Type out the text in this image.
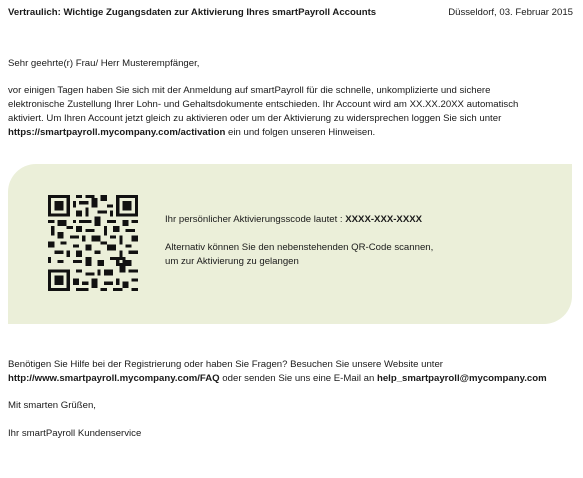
Vertraulich: Wichtige Zugangsdaten zur Aktivierung Ihres smartPayroll Accounts	Düsseldorf, 03. Februar 2015
Sehr geehrte(r) Frau/ Herr Musterempfänger,
vor einigen Tagen haben Sie sich mit der Anmeldung auf smartPayroll für die schnelle, unkomplizierte und sichere
elektronische Zustellung Ihrer Lohn- und Gehaltsdokumente entschieden. Ihr Account wird am XX.XX.20XX automatisch
aktiviert. Um Ihren Account jetzt gleich zu aktivieren oder um der Aktivierung zu widersprechen loggen Sie sich unter
https://smartpayroll.mycompany.com/activation ein und folgen unseren Hinweisen.
Ihr persönlicher Aktivierungsscode lautet : XXXX-XXX-XXXX
Alternativ können Sie den nebenstehenden QR-Code scannen,
um zur Aktivierung zu gelangen
Benötigen Sie Hilfe bei der Registrierung oder haben Sie Fragen? Besuchen Sie unsere Website unter
http://www.smartpayroll.mycompany.com/FAQ oder senden Sie uns eine E-Mail an help_smartpayroll@mycompany.com
Mit smarten Grüßen,
Ihr smartPayroll Kundenservice
